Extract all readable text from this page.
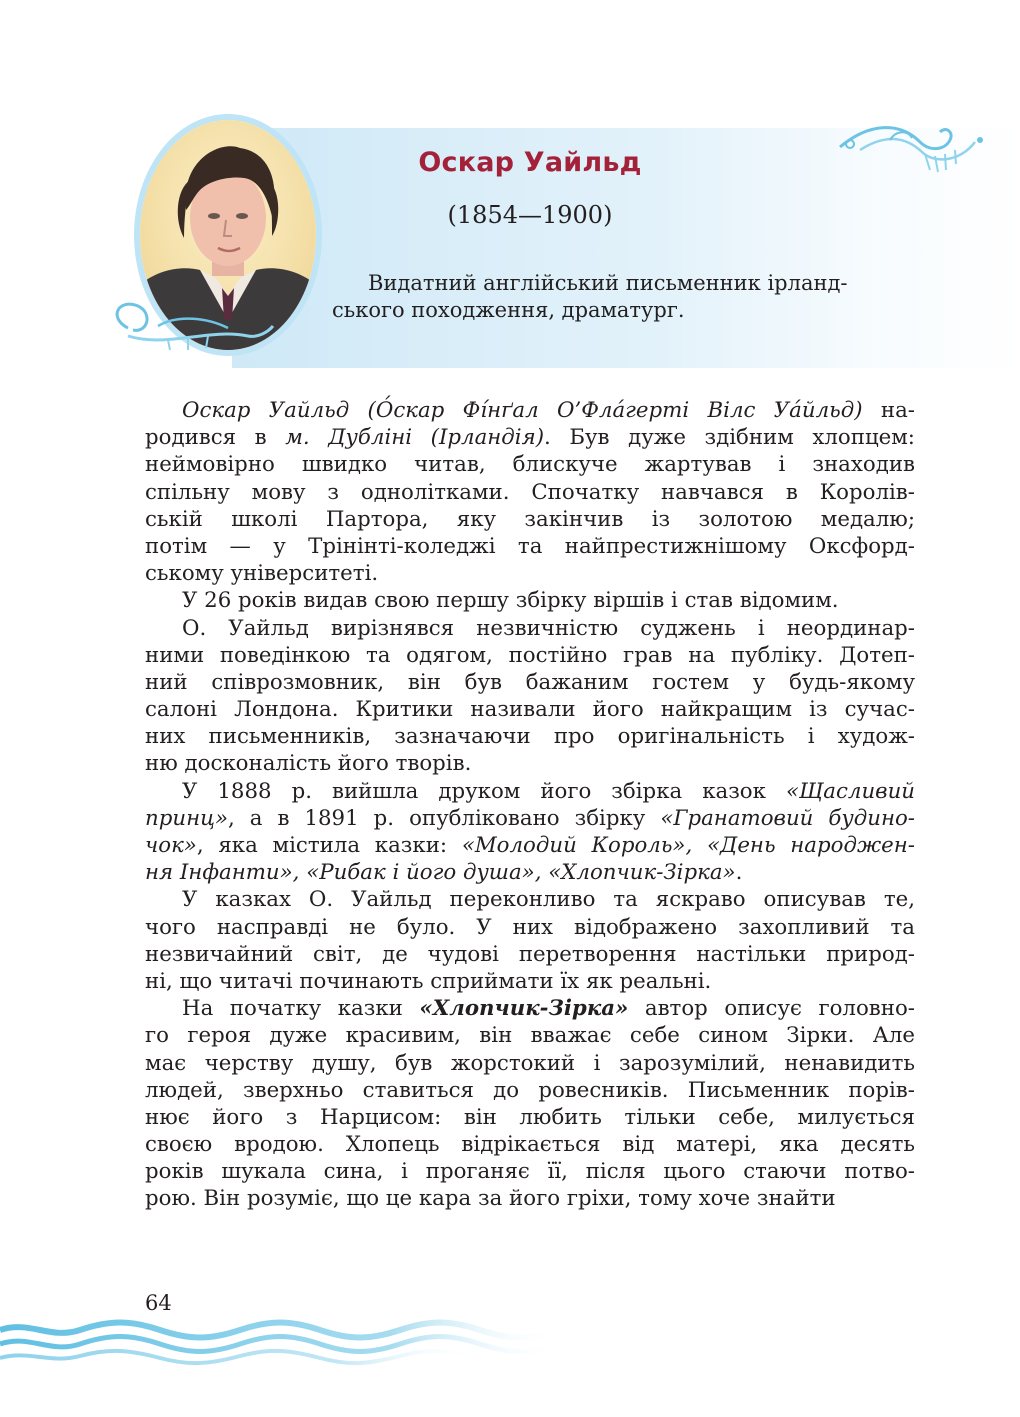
Оскар Уайльд
(1854—1900)
Видатний англійський письменник ірланд-
ського походження, драматург.
Оскар Уайльд (О́скар Фі́нґал О’Фла́герті Вілс Уа́йльд) на-
родився в м. Дубліні (Ірландія). Був дуже здібним хлопцем:
неймовірно швидко читав, блискуче жартував і знаходив
спільну мову з однолітками. Спочатку навчався в Королів-
ській школі Партора, яку закінчив із золотою медалю;
потім — у Трінінті-коледжі та найпрестижнішому Оксфорд-
ському університеті.
У 26 років видав свою першу збірку віршів і став відомим.
О. Уайльд вирізнявся незвичністю суджень і неординар-
ними поведінкою та одягом, постійно грав на публіку. Дотеп-
ний співрозмовник, він був бажаним гостем у будь-якому
салоні Лондона. Критики називали його найкращим із сучас-
них письменників, зазначаючи про оригінальність і худож-
ню досконалість його творів.
У 1888 р. вийшла друком його збірка казок «Щасливий
принц», а в 1891 р. опубліковано збірку «Гранатовий будино-
чок», яка містила казки: «Молодий Король», «День народжен-
ня Інфанти», «Рибак і його душа», «Хлопчик-Зірка».
У казках О. Уайльд переконливо та яскраво описував те,
чого насправді не було. У них відображено захопливий та
незвичайний світ, де чудові перетворення настільки природ-
ні, що читачі починають сприймати їх як реальні.
На початку казки «Хлопчик-Зірка» автор описує головно-
го героя дуже красивим, він вважає себе сином Зірки. Але
має черству душу, був жорстокий і зарозумілий, ненавидить
людей, зверхньо ставиться до ровесників. Письменник порів-
нює його з Нарцисом: він любить тільки себе, милується
своєю вродою. Хлопець відрікається від матері, яка десять
років шукала сина, і проганяє її, після цього стаючи потво-
рою. Він розуміє, що це кара за його гріхи, тому хоче знайти
64
